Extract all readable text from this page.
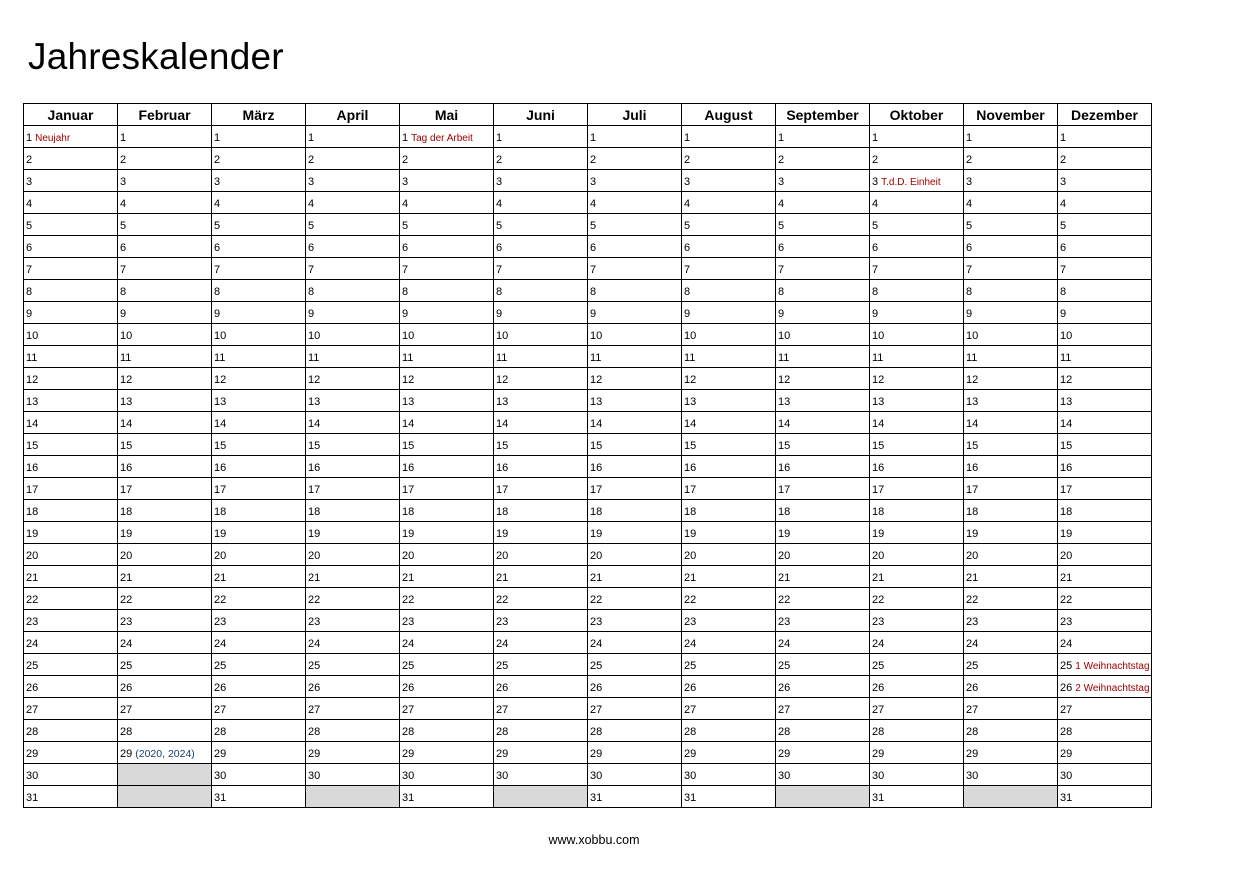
Jahreskalender
Januar	Februar	März	April	Mai	Juni	Juli	August	September	Oktober	November	Dezember
1 Neujahr	1	1	1	1 Tag der Arbeit	1	1	1	1	1	1	1
2	2	2	2	2	2	2	2	2	2	2	2
3	3	3	3	3	3	3	3	3	3 T.d.D. Einheit	3	3
4	4	4	4	4	4	4	4	4	4	4	4
5	5	5	5	5	5	5	5	5	5	5	5
6	6	6	6	6	6	6	6	6	6	6	6
7	7	7	7	7	7	7	7	7	7	7	7
8	8	8	8	8	8	8	8	8	8	8	8
9	9	9	9	9	9	9	9	9	9	9	9
10	10	10	10	10	10	10	10	10	10	10	10
11	11	11	11	11	11	11	11	11	11	11	11
12	12	12	12	12	12	12	12	12	12	12	12
13	13	13	13	13	13	13	13	13	13	13	13
14	14	14	14	14	14	14	14	14	14	14	14
15	15	15	15	15	15	15	15	15	15	15	15
16	16	16	16	16	16	16	16	16	16	16	16
17	17	17	17	17	17	17	17	17	17	17	17
18	18	18	18	18	18	18	18	18	18	18	18
19	19	19	19	19	19	19	19	19	19	19	19
20	20	20	20	20	20	20	20	20	20	20	20
21	21	21	21	21	21	21	21	21	21	21	21
22	22	22	22	22	22	22	22	22	22	22	22
23	23	23	23	23	23	23	23	23	23	23	23
24	24	24	24	24	24	24	24	24	24	24	24
25	25	25	25	25	25	25	25	25	25	25	25 1 Weihnachtstag
26	26	26	26	26	26	26	26	26	26	26	26 2 Weihnachtstag
27	27	27	27	27	27	27	27	27	27	27	27
28	28	28	28	28	28	28	28	28	28	28	28
29	29 (2020, 2024)	29	29	29	29	29	29	29	29	29	29
30		30	30	30	30	30	30	30	30	30	30
31		31		31		31	31		31		31
www.xobbu.com
